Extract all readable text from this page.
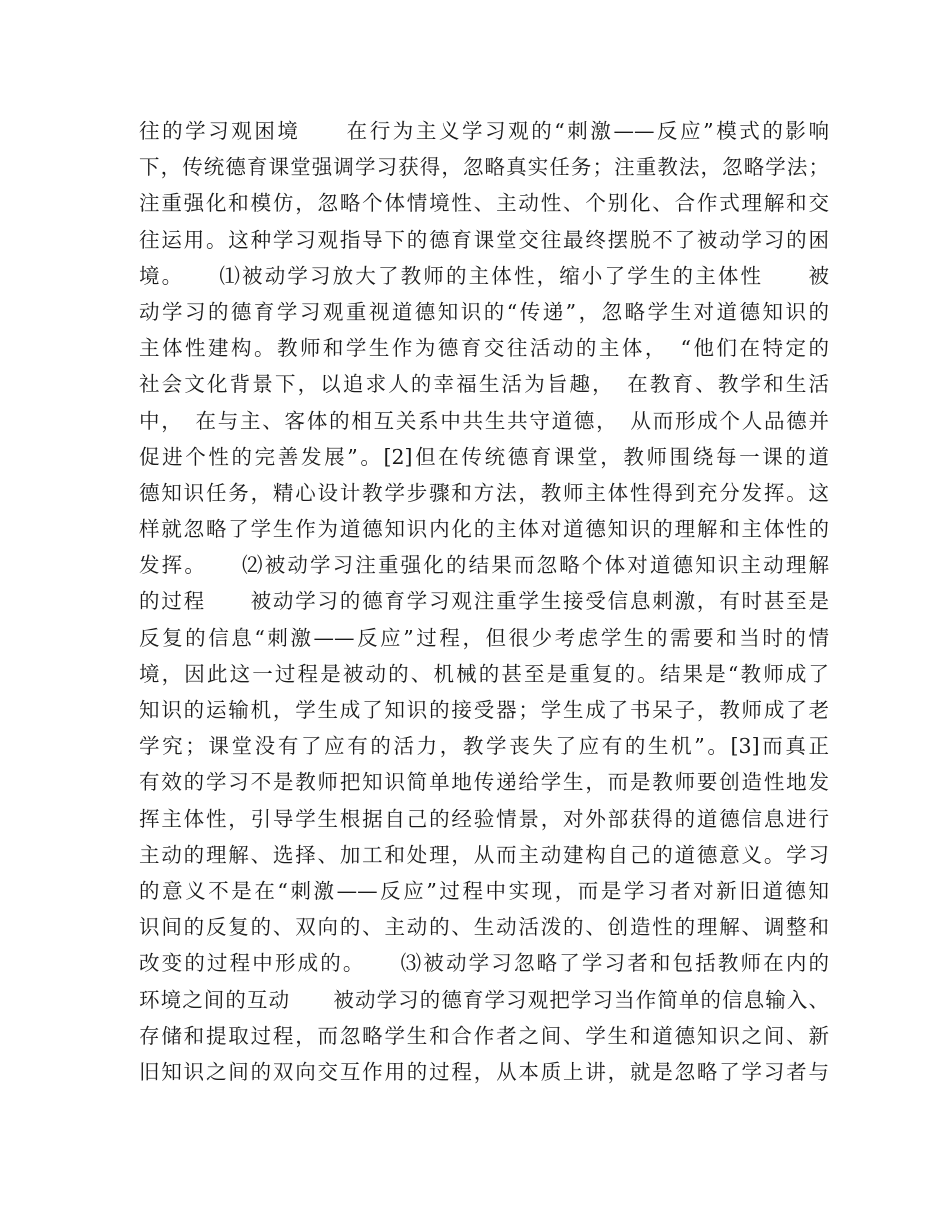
往的学习观困境　　在行为主义学习观的“刺激——反应”模式的影响
下，传统德育课堂强调学习获得，忽略真实任务；注重教法，忽略学法；
注重强化和模仿，忽略个体情境性、主动性、个别化、合作式理解和交
往运用。这种学习观指导下的德育课堂交往最终摆脱不了被动学习的困
境。　　⑴被动学习放大了教师的主体性，缩小了学生的主体性　　被
动学习的德育学习观重视道德知识的“传递”，忽略学生对道德知识的
主体性建构。教师和学生作为德育交往活动的主体，　“他们在特定的
社会文化背景下，以追求人的幸福生活为旨趣，　在教育、教学和生活
中，　在与主、客体的相互关系中共生共守道德，　从而形成个人品德并
促进个性的完善发展”。[2]但在传统德育课堂，教师围绕每一课的道
德知识任务，精心设计教学步骤和方法，教师主体性得到充分发挥。这
样就忽略了学生作为道德知识内化的主体对道德知识的理解和主体性的
发挥。　　⑵被动学习注重强化的结果而忽略个体对道德知识主动理解
的过程　　被动学习的德育学习观注重学生接受信息刺激，有时甚至是
反复的信息“刺激——反应”过程，但很少考虑学生的需要和当时的情
境，因此这一过程是被动的、机械的甚至是重复的。结果是“教师成了
知识的运输机，学生成了知识的接受器；学生成了书呆子，教师成了老
学究；课堂没有了应有的活力，教学丧失了应有的生机”。[3]而真正
有效的学习不是教师把知识简单地传递给学生，而是教师要创造性地发
挥主体性，引导学生根据自己的经验情景，对外部获得的道德信息进行
主动的理解、选择、加工和处理，从而主动建构自己的道德意义。学习
的意义不是在“刺激——反应”过程中实现，而是学习者对新旧道德知
识间的反复的、双向的、主动的、生动活泼的、创造性的理解、调整和
改变的过程中形成的。　　⑶被动学习忽略了学习者和包括教师在内的
环境之间的互动　　被动学习的德育学习观把学习当作简单的信息输入、
存储和提取过程，而忽略学生和合作者之间、学生和道德知识之间、新
旧知识之间的双向交互作用的过程，从本质上讲，就是忽略了学习者与
